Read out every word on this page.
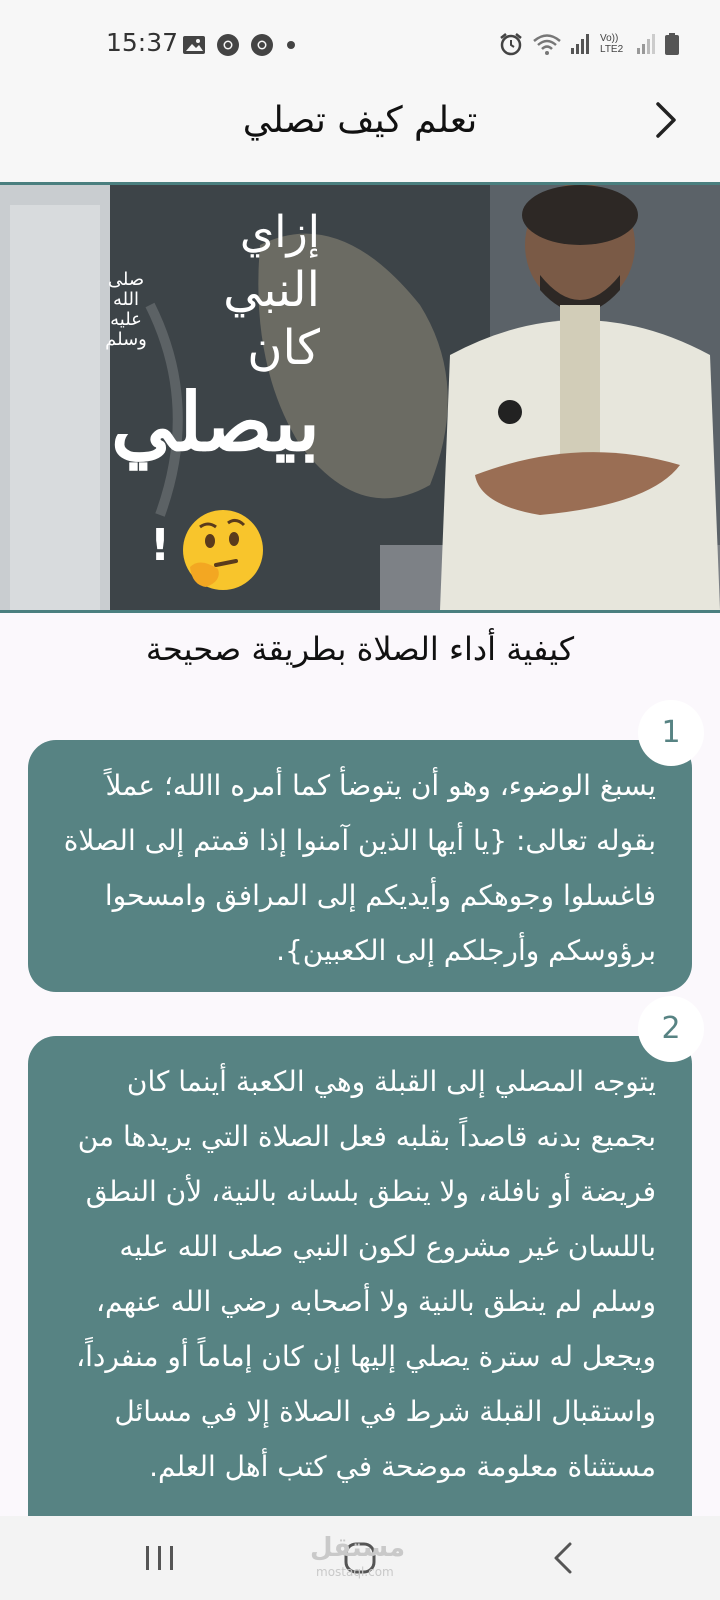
15:37	Vo)) LTE2
تعلم كيف تصلي
إزاي
النبي
كان
بيصلي
صلى الله عليه وسلم
!
كيفية أداء الصلاة بطريقة صحيحة
يسبغ الوضوء، وهو أن يتوضأ كما أمره االله؛ عملاً بقوله تعالى: {يا أيها الذين آمنوا إذا قمتم إلى الصلاة فاغسلوا وجوهكم وأيديكم إلى المرافق وامسحوا برؤوسكم وأرجلكم إلى الكعبين}.
1
يتوجه المصلي إلى القبلة وهي الكعبة أينما كان بجميع بدنه قاصداً بقلبه فعل الصلاة التي يريدها من فريضة أو نافلة، ولا ينطق بلسانه بالنية، لأن النطق باللسان غير مشروع لكون النبي صلى الله عليه وسلم لم ينطق بالنية ولا أصحابه رضي الله عنهم، ويجعل له سترة يصلي إليها إن كان إماماً أو منفرداً، واستقبال القبلة شرط في الصلاة إلا في مسائل مستثناة معلومة موضحة في كتب أهل العلم.
2
مستقل
mostaql.com
